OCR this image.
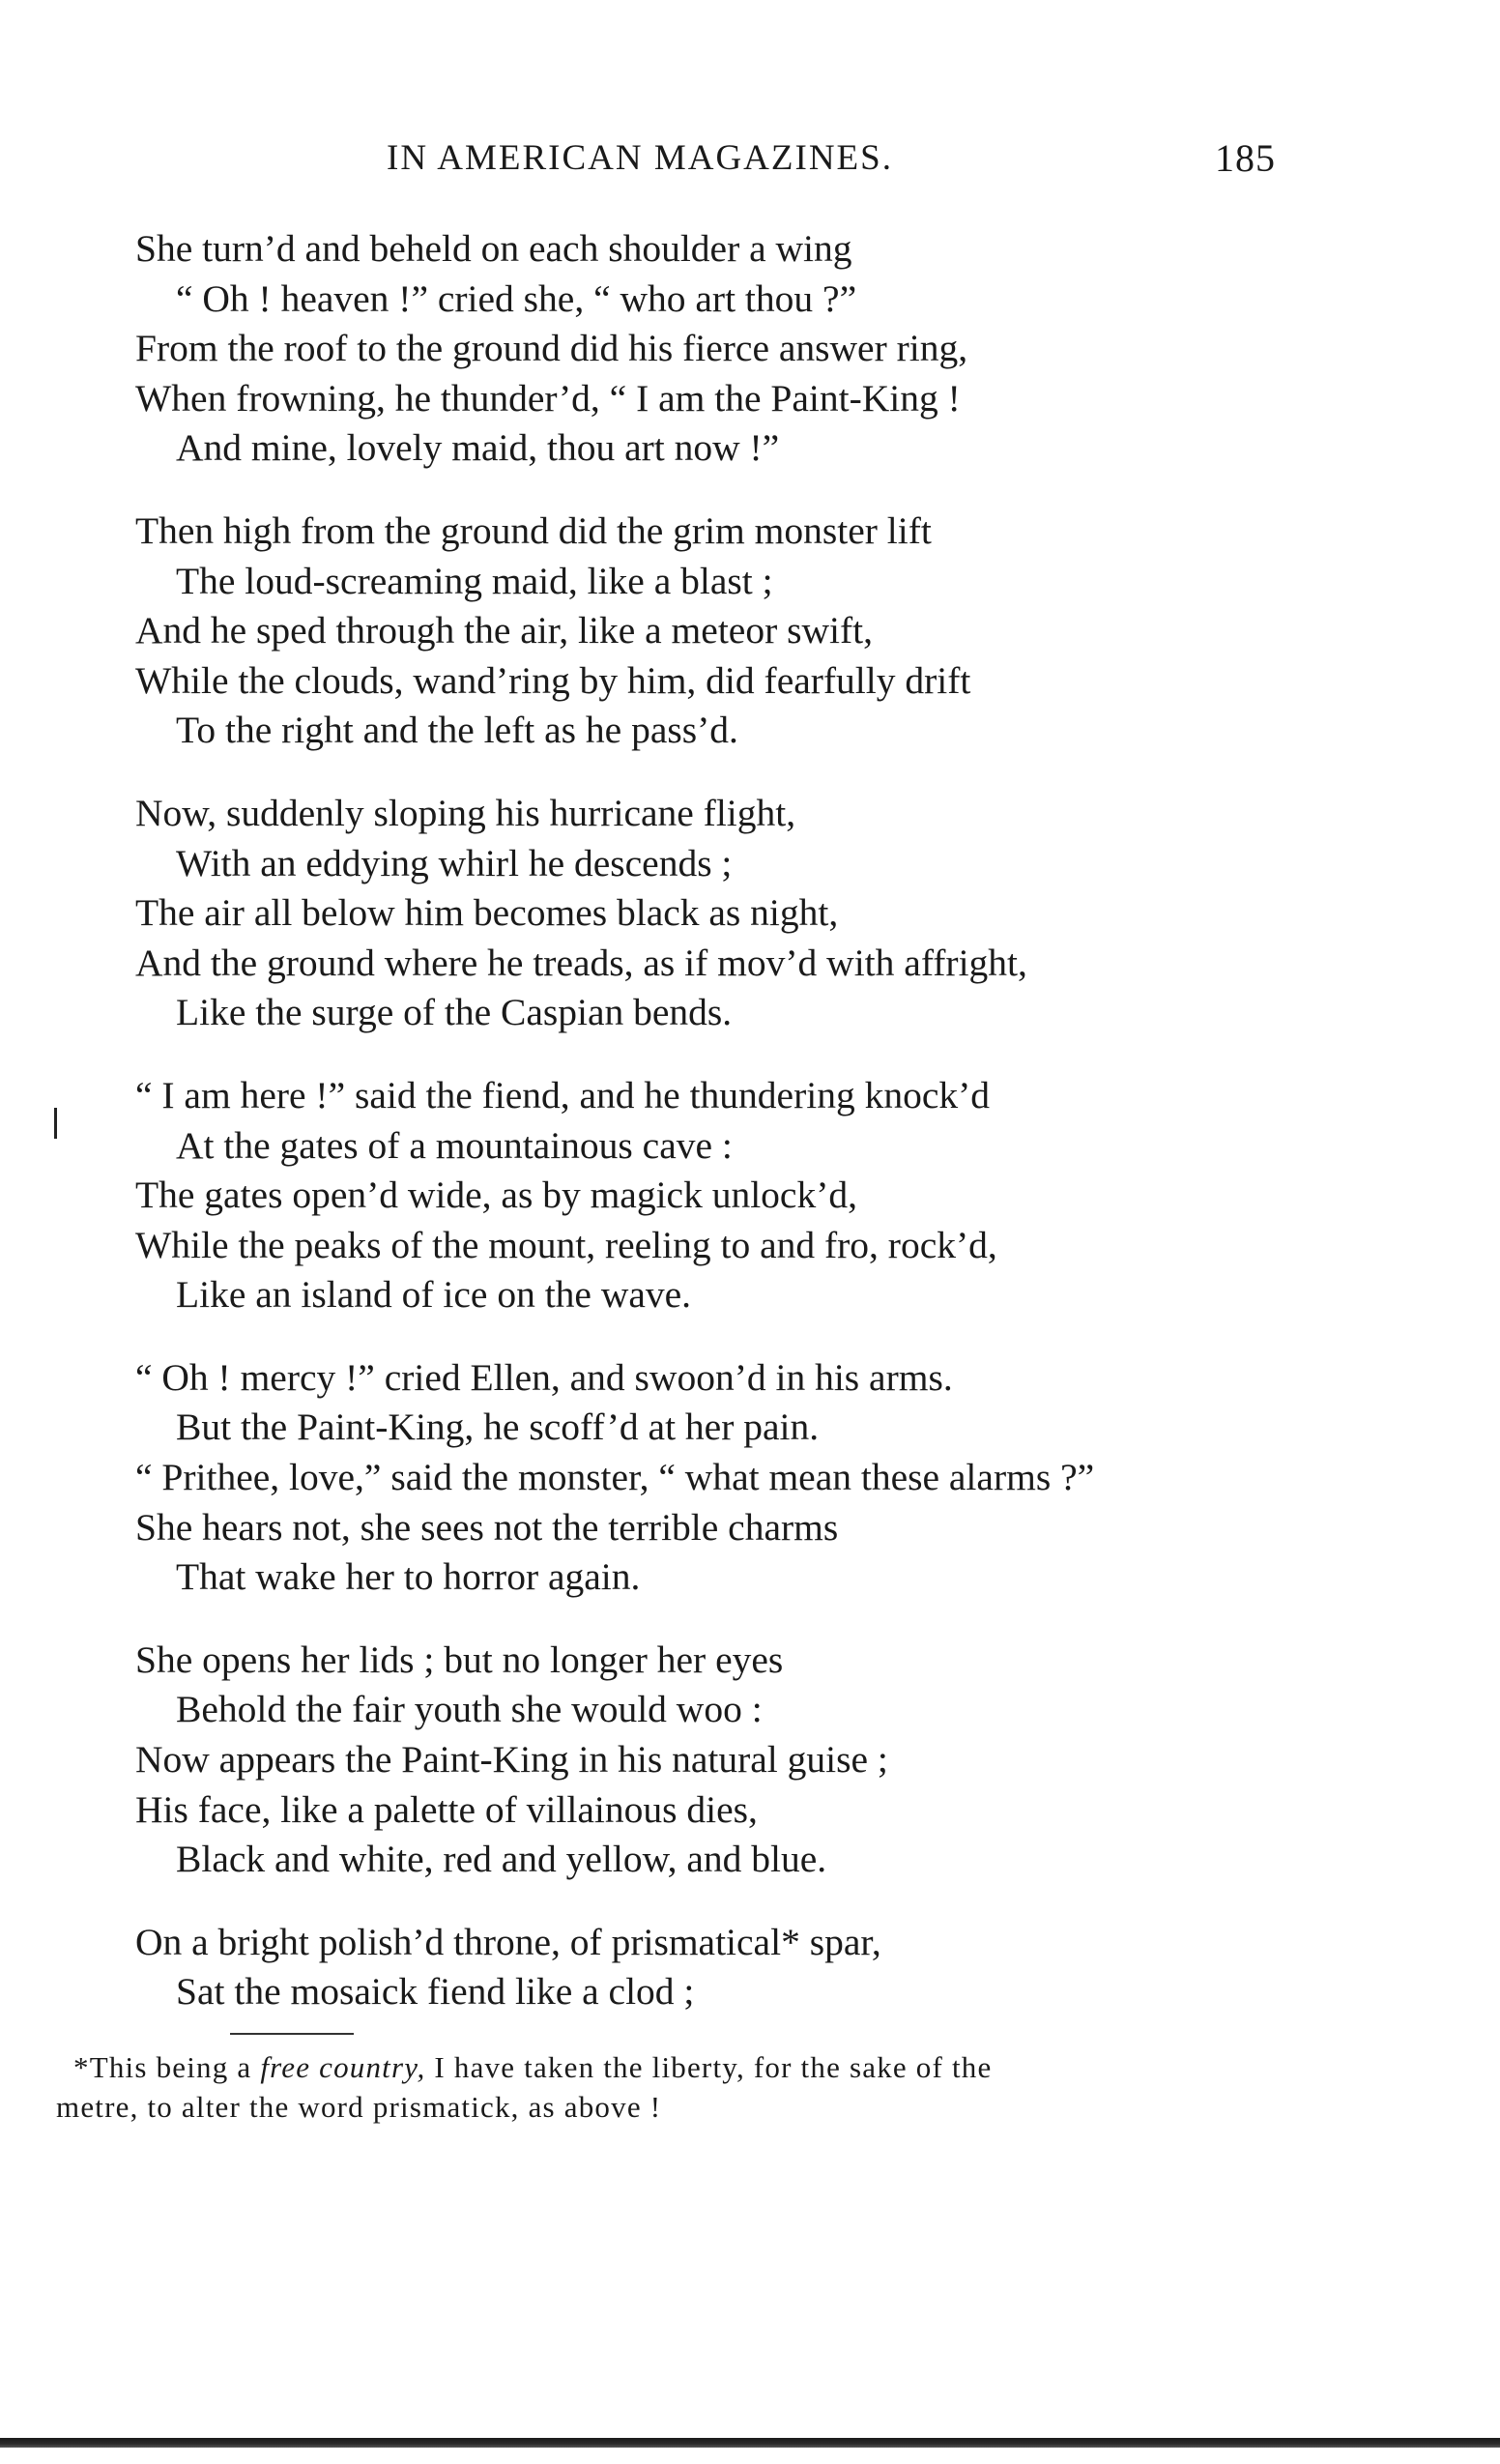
IN AMERICAN MAGAZINES.	185
She turn’d and beheld on each shoulder a wing
“ Oh ! heaven !” cried she, “ who art thou ?”
From the roof to the ground did his fierce answer ring,
When frowning, he thunder’d, “ I am the Paint-King !
And mine, lovely maid, thou art now !”
Then high from the ground did the grim monster lift
The loud-screaming maid, like a blast ;
And he sped through the air, like a meteor swift,
While the clouds, wand’ring by him, did fearfully drift
To the right and the left as he pass’d.
Now, suddenly sloping his hurricane flight,
With an eddying whirl he descends ;
The air all below him becomes black as night,
And the ground where he treads, as if mov’d with affright,
Like the surge of the Caspian bends.
“ I am here !” said the fiend, and he thundering knock’d
At the gates of a mountainous cave :
The gates open’d wide, as by magick unlock’d,
While the peaks of the mount, reeling to and fro, rock’d,
Like an island of ice on the wave.
“ Oh ! mercy !” cried Ellen, and swoon’d in his arms.
But the Paint-King, he scoff’d at her pain.
“ Prithee, love,” said the monster, “ what mean these alarms ?”
She hears not, she sees not the terrible charms
That wake her to horror again.
She opens her lids ; but no longer her eyes
Behold the fair youth she would woo :
Now appears the Paint-King in his natural guise ;
His face, like a palette of villainous dies,
Black and white, red and yellow, and blue.
On a bright polish’d throne, of prismatical* spar,
Sat the mosaick fiend like a clod ;
*This being a free country, I have taken the liberty, for the sake of the
metre, to alter the word prismatick, as above !
